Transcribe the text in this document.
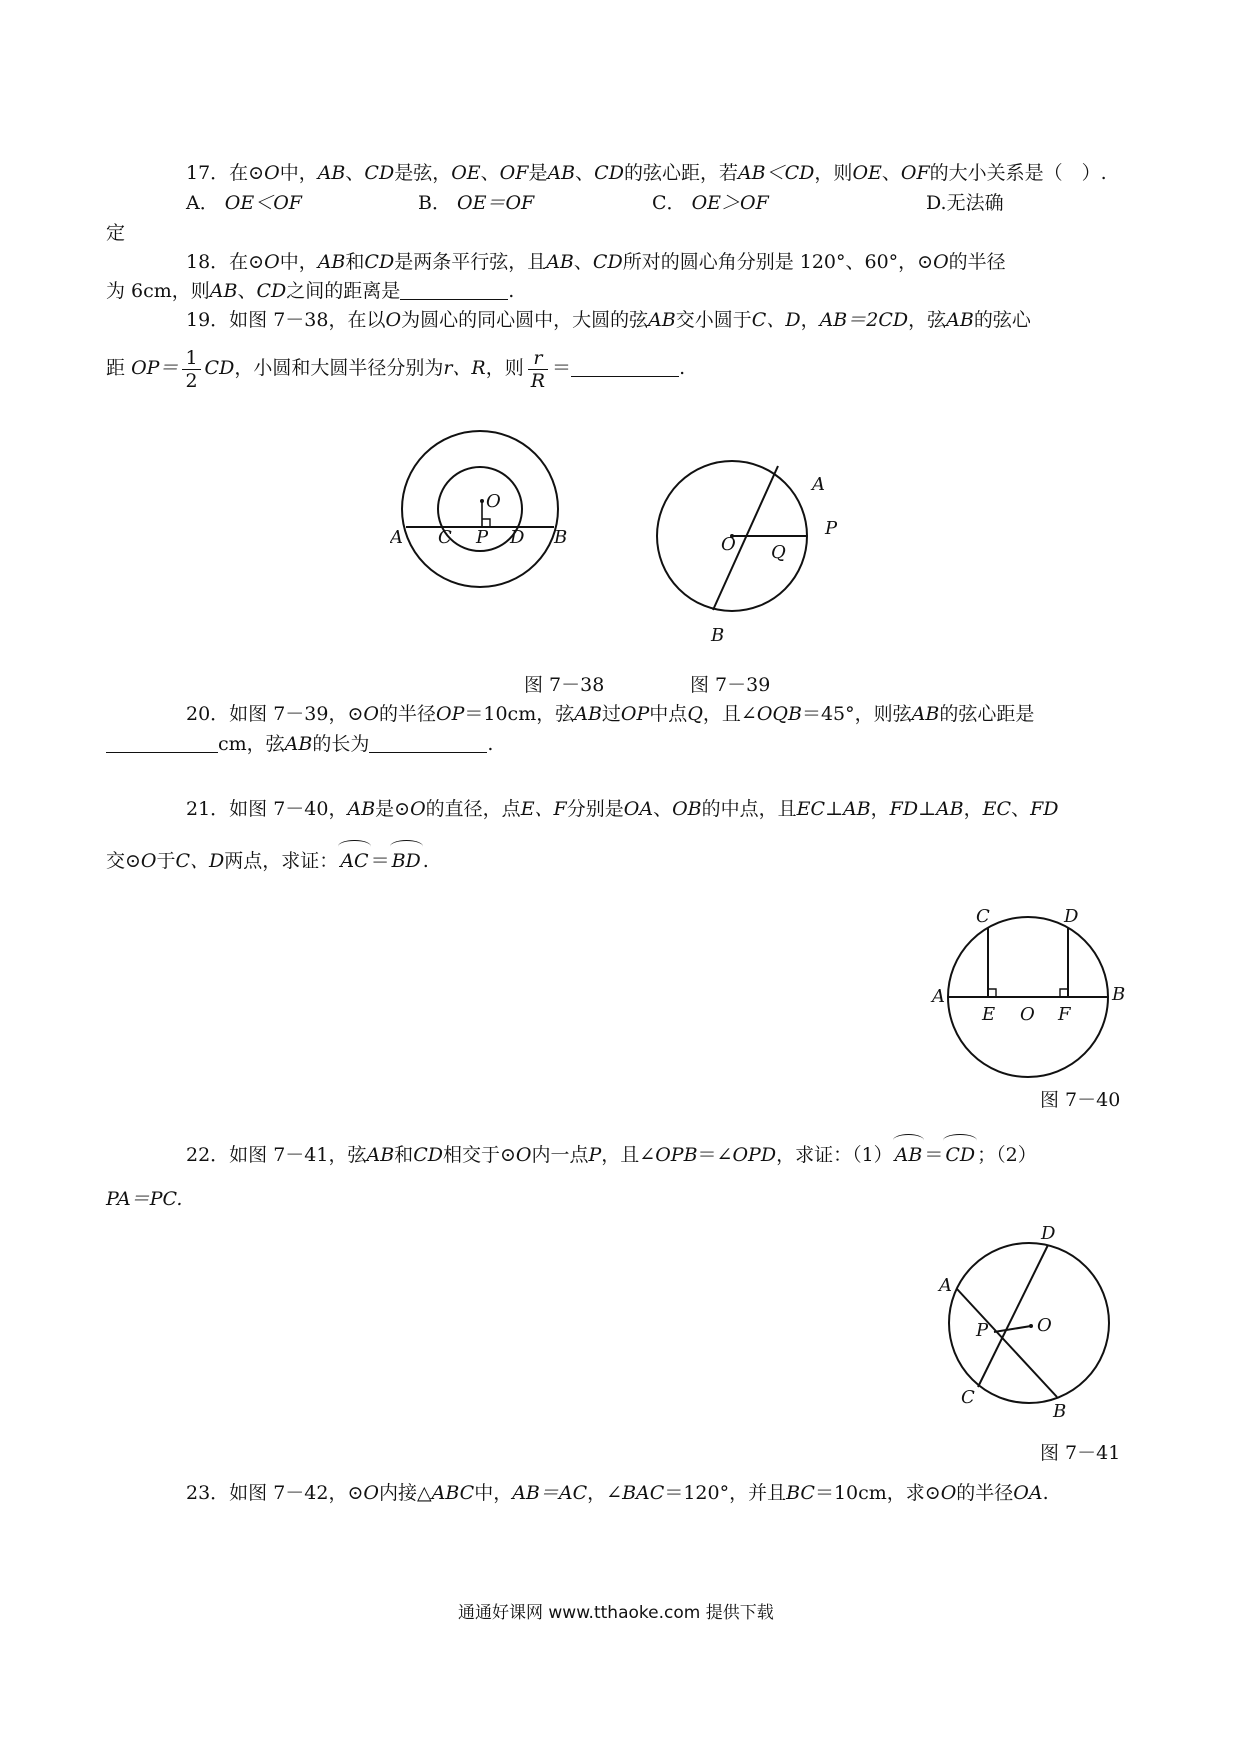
17．在⊙O中，AB、CD是弦，OE、OF是AB、CD的弦心距，若AB＜CD，则OE、OF的大小关系是（　）.
A． OE＜OF	B． OE＝OF	C． OE＞OF	D.无法确
定
18．在⊙O中，AB和CD是两条平行弦，且AB、CD所对的圆心角分别是 120°、60°，⊙O的半径
为 6cm，则AB、CD之间的距离是	.
19．如图 7－38，在以O为圆心的同心圆中，大圆的弦AB交小圆于C、D，AB＝2CD，弦AB的弦心
距 $OP= \frac{1}{2}$ CD，小圆和大圆半径分别为r、R，则 $\frac{r}{R}$ ＝	.
O
A C P D B
A
P
O Q
B
图 7－38	图 7－39
20．如图 7－39，⊙O的半径OP＝10cm，弦AB过OP中点Q，且∠OQB＝45°，则弦AB的弦心距是
cm，弦AB的长为	.
21．如图 7－40，AB是⊙O的直径，点E、F分别是OA、OB的中点，且EC⊥AB，FD⊥AB，EC、FD
交⊙O于C、D两点，求证： AC ＝ BD .
C	D
A	B
E O F
图 7－40
22．如图 7－41，弦AB和CD相交于⊙O内一点P，且∠OPB＝∠OPD，求证：（1） AB ＝ CD ；（2）
PA＝PC.
D
A
P	O
C
B
图 7－41
23．如图 7－42，⊙O内接△ABC中，AB＝AC，∠BAC＝120°，并且BC＝10cm，求⊙O的半径OA.
通通好课网 www.tthaoke.com 提供下载
